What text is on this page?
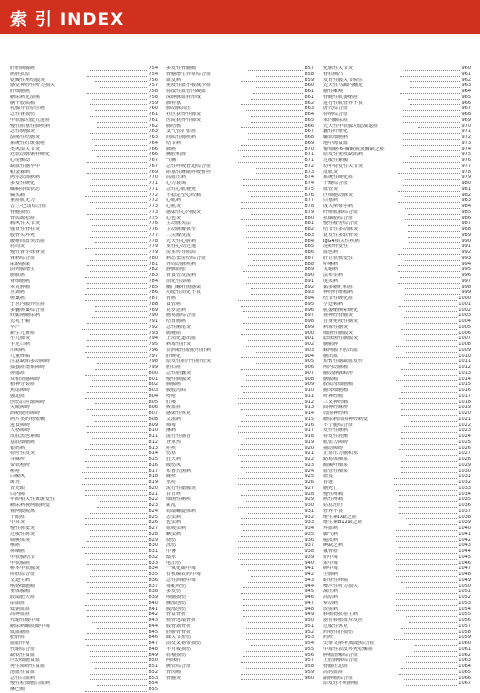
索 引 INDEX
肝胆胰腺癌	754
癌胚抗原	754
乾燥性角结膜炎	756
感觉神经性听力损失	757
肝细胞癌	758
糖尿病足溃疡	758
脑干胶质瘤	759
乳腺导管原位癌	760
急性肾损伤	761
甲状腺功能亢进症	761
慢性阻塞性肺疾病	762
急性胰腺炎	763
溃疡性结肠炎	763
系统性红斑狼疮	764
类风湿关节炎	766
冠状动脉粥样硬化	766
心房颤动	767
缺血性脑卒中	767
帕金森病	769
阿尔茨海默病	770
多发性硬化	771
癫痫持续状态	771
偏头痛	772
重症肌无力	772
吉兰-巴雷综合征	773
脊髓损伤	773
骨质疏松症	775
痛风性关节炎	776
强直性脊柱炎	776
股骨头坏死	777
腰椎间盘突出症	778
肩周炎	779
慢性肾小球肾炎	779
肾病综合征	780
尿路感染	781
前列腺增生	782
膀胱癌	783
肾细胞癌	784
睾丸肿瘤	785
宫颈癌	786
卵巢癌	787
子宫内膜异位症	788
多囊卵巢综合征	789
妊娠期糖尿病	790
先兆子痫	791
早产	792
新生儿黄疸	793
小儿肺炎	794
手足口病	795
川崎病	796
儿童哮喘	797
注意缺陷多动障碍	798
孤独症谱系障碍	799
抑郁症	800
双相情感障碍	801
精神分裂症	802
焦虑障碍	803
强迫症	804
创伤后应激障碍	805
失眠障碍	806
酒精使用障碍	807
阿片类药物依赖	808
进食障碍	809
人格障碍	810
皮肤黑色素瘤	811
基底细胞癌	812
银屑病	813
特应性皮炎	814
荨麻疹	815
带状疱疹	816
痤疮	817
白癜风	818
斑秃	819
青光眼	820
白内障	821
年龄相关性黄斑变性	822
糖尿病视网膜病变	823
视网膜脱离	824
干眼症	825
中耳炎	826
慢性鼻窦炎	827
过敏性鼻炎	828
扁桃体炎	829
喉癌	830
鼻咽癌	831
甲状腺结节	832
甲状腺癌	833
桥本甲状腺炎	834
库欣综合征	835
艾迪生病	836
嗜铬细胞瘤	837
垂体腺瘤	838
肢端肥大症	839
尿崩症	840
低钠血症	841
高钾血症	842
代谢性酸中毒	843
糖尿病酮症酸中毒	844
低血糖症	845
肥胖症	846
血脂异常	847
代谢综合征	848
缺铁性贫血	849
巨幼细胞贫血	850
再生障碍性贫血	851
溶血性贫血	852
急性白血病	853
慢性粒细胞白血病	854
淋巴瘤	855
多发性骨髓瘤	857
骨髓增生异常综合征	858
血友病	859
免疫性血小板减少症	860
弥散性血管内凝血	861
深静脉血栓形成	861
肺栓塞	862
肺动脉高压	863
社区获得性肺炎	864
医院获得性肺炎	865
肺结核	866
支气管扩张症	867
间质性肺疾病	868
结节病	869
肺癌	870
胸腔积液	871
气胸	871
急性呼吸窘迫综合征	872
阻塞性睡眠呼吸暂停	873
高血压病	874
心力衰竭	874
急性心肌梗死	875
不稳定型心绞痛	876
心肌病	877
心肌炎	878
感染性心内膜炎	879
心包炎	880
主动脉夹层	881
主动脉瓣狭窄	882
二尖瓣反流	883
先天性心脏病	884
室性心动过速	885
房室传导阻滞	886
病态窦房结综合征	887
外周动脉疾病	888
静脉曲张	889
胃食管反流病	890
消化性溃疡	891
幽门螺杆菌感染	892
功能性消化不良	893
胃癌	894
食管癌	895
克罗恩病	896
肠易激综合征	897
结直肠癌	898
急性阑尾炎	899
肠梗阻	900
上消化道出血	901
病毒性肝炎	902
非酒精性脂肪性肝病	903
肝硬化	904
原发性胆汁性胆管炎	905
胆石症	906
急性胆囊炎	907
慢性胰腺炎	908
胰腺癌	909
腹股沟疝	910
痔疮	911
肛瘘	912
败血症	913
感染性休克	914
艾滋病	915
梅毒	916
淋病	917
流行性感冒	918
登革热	919
疟疾	920
伤寒	921
狂犬病	922
破伤风	923
布鲁氏菌病	924
麻疹	925
水痘	926
流行性腮腺炎	927
百日咳	928
细菌性痢疾	929
霍乱	930
钩端螺旋体病	931
恙虫病	932
包虫病	933
血吸虫病	934
蛔虫病	935
烧伤	936
冻伤	937
中暑	938
溺水	939
电击伤	940
一氧化碳中毒	941
有机磷农药中毒	942
急性酒精中毒	943
毒蛇咬伤	944
多发伤	945
颅脑损伤	946
胸部创伤	947
腹部创伤	948
骨盆骨折	949
桡骨远端骨折	950
股骨颈骨折	951
胫腓骨骨折	952
踝关节扭伤	953
前交叉韧带损伤	954
半月板损伤	955
肩袖损伤	956
网球肘	957
腕管综合征	958
骨肉瘤	959
骨髓炎	960
化脓性关节炎	960
脊柱侧凸	961
发育性髋关节脱位	962
先天性马蹄内翻足	963
脑性瘫痪	964
脊髓性肌萎缩症	965
进行性肌营养不良	966
唐氏综合征	967
特纳综合征	968
苯丙酮尿症	969
先天性甲状腺功能减退症	970
囊性纤维化	971
镰状细胞病	972
地中海贫血	973
葡萄糖-6-磷酸脱氢酶缺乏症	974
原发性免疫缺陷病	975
过敏性紫癜	976
幼年特发性关节炎	977
皮肌炎	978
系统性硬化症	979
干燥综合征	980
血管炎	981
巨细胞动脉炎	982
白塞病	983
成人斯蒂尔病	984
纤维肌痛综合征	985
抗磷脂综合征	986
慢性疲劳综合征	987
结节性多动脉炎	988
复发性多软骨炎	989
IgG4相关性疾病	990
淀粉样变性	991
血色病	992
肝豆状核变性	993
卟啉病	994
戈谢病	995
法布里病	996
庞贝病	997
黏多糖贮积症	998
神经纤维瘤病	999
结节性硬化症	1000
亨廷顿病	1001
肌萎缩侧索硬化	1002
视神经脊髓炎	1003
自身免疫性脑炎	1004
病毒性脑炎	1005
细菌性脑膜炎	1006
隐球菌性脑膜炎	1007
脑脓肿	1008
蛛网膜下腔出血	1009
脑出血	1010
短暂性脑缺血发作	1011
颅内动脉瘤	1012
脑动静脉畸形	1013
脑膜瘤	1014
胶质母细胞瘤	1015
髓母细胞瘤	1016
听神经瘤	1017
三叉神经痛	1018
面神经麻痹	1019
周围神经病	1020
糖尿病周围神经病变	1021
不宁腿综合征	1022
发作性睡病	1023
特发性震颤	1024
肌张力障碍	1025
抽动障碍	1026
正常压力脑积水	1027
路易体痴呆	1028
额颞叶痴呆	1029
血管性痴呆	1030
谵妄	1031
昏迷	1032
脑死亡	1033
慢性疼痛	1034
癌性疼痛	1035
姑息治疗	1036
营养不良	1037
维生素D缺乏症	1038
维生素B12缺乏症	1039
坏血病	1040
脚气病	1041
糙皮病	1042
碘缺乏病	1043
氟骨症	1044
铅中毒	1045
汞中毒	1046
砷中毒	1047
尘肺病	1048
职业性哮喘	1049
噪声性听力损失	1050
减压病	1051
高原病	1052
晕动病	1053
放射病	1054
移植物抗宿主病	1055
器官移植排斥反应	1056
过敏性休克	1057
药物性肝损伤	1058
药疹	1059
史蒂文斯-约翰逊综合征	1060
中毒性表皮坏死松解症	1061
肿瘤溶解综合征	1062
上腔静脉综合征	1063
脊髓压迫症	1064
高钙血症	1065
副肿瘤综合征	1066
原发灶不明肿瘤	1067
